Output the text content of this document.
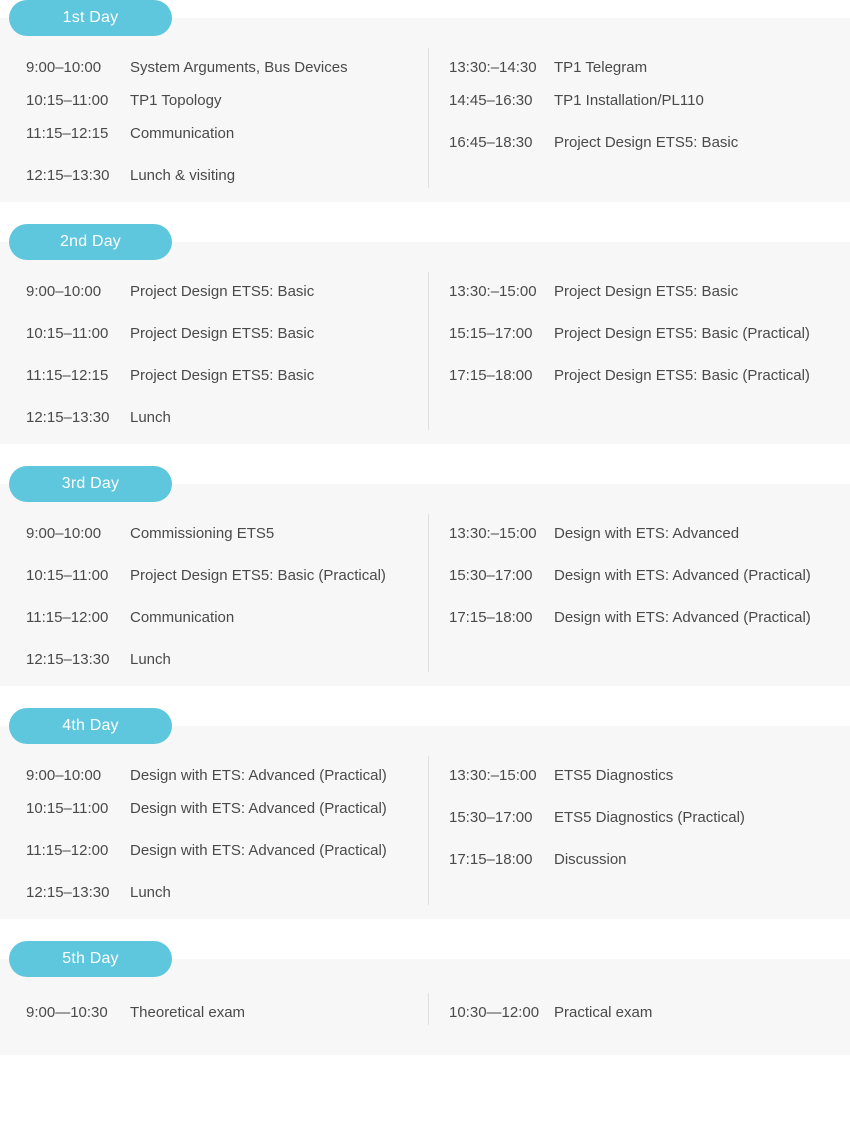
1st Day
9:00–10:00	System Arguments, Bus Devices
10:15–11:00	TP1 Topology
11:15–12:15	Communication
12:15–13:30	Lunch & visiting
13:30:–14:30	TP1 Telegram
14:45–16:30	TP1 Installation/PL110
16:45–18:30	Project Design ETS5: Basic
2nd Day
9:00–10:00	Project Design ETS5: Basic
10:15–11:00	Project Design ETS5: Basic
11:15–12:15	Project Design ETS5: Basic
12:15–13:30	Lunch
13:30:–15:00	Project Design ETS5: Basic
15:15–17:00	Project Design ETS5: Basic (Practical)
17:15–18:00	Project Design ETS5: Basic (Practical)
3rd Day
9:00–10:00	Commissioning ETS5
10:15–11:00	Project Design ETS5: Basic (Practical)
11:15–12:00	Communication
12:15–13:30	Lunch
13:30:–15:00	Design with ETS: Advanced
15:30–17:00	Design with ETS: Advanced (Practical)
17:15–18:00	Design with ETS: Advanced (Practical)
4th Day
9:00–10:00	Design with ETS: Advanced (Practical)
10:15–11:00	Design with ETS: Advanced (Practical)
11:15–12:00	Design with ETS: Advanced (Practical)
12:15–13:30	Lunch
13:30:–15:00	ETS5 Diagnostics
15:30–17:00	ETS5 Diagnostics (Practical)
17:15–18:00	Discussion
5th Day
9:00—10:30	Theoretical exam	10:30—12:00 Practical exam
